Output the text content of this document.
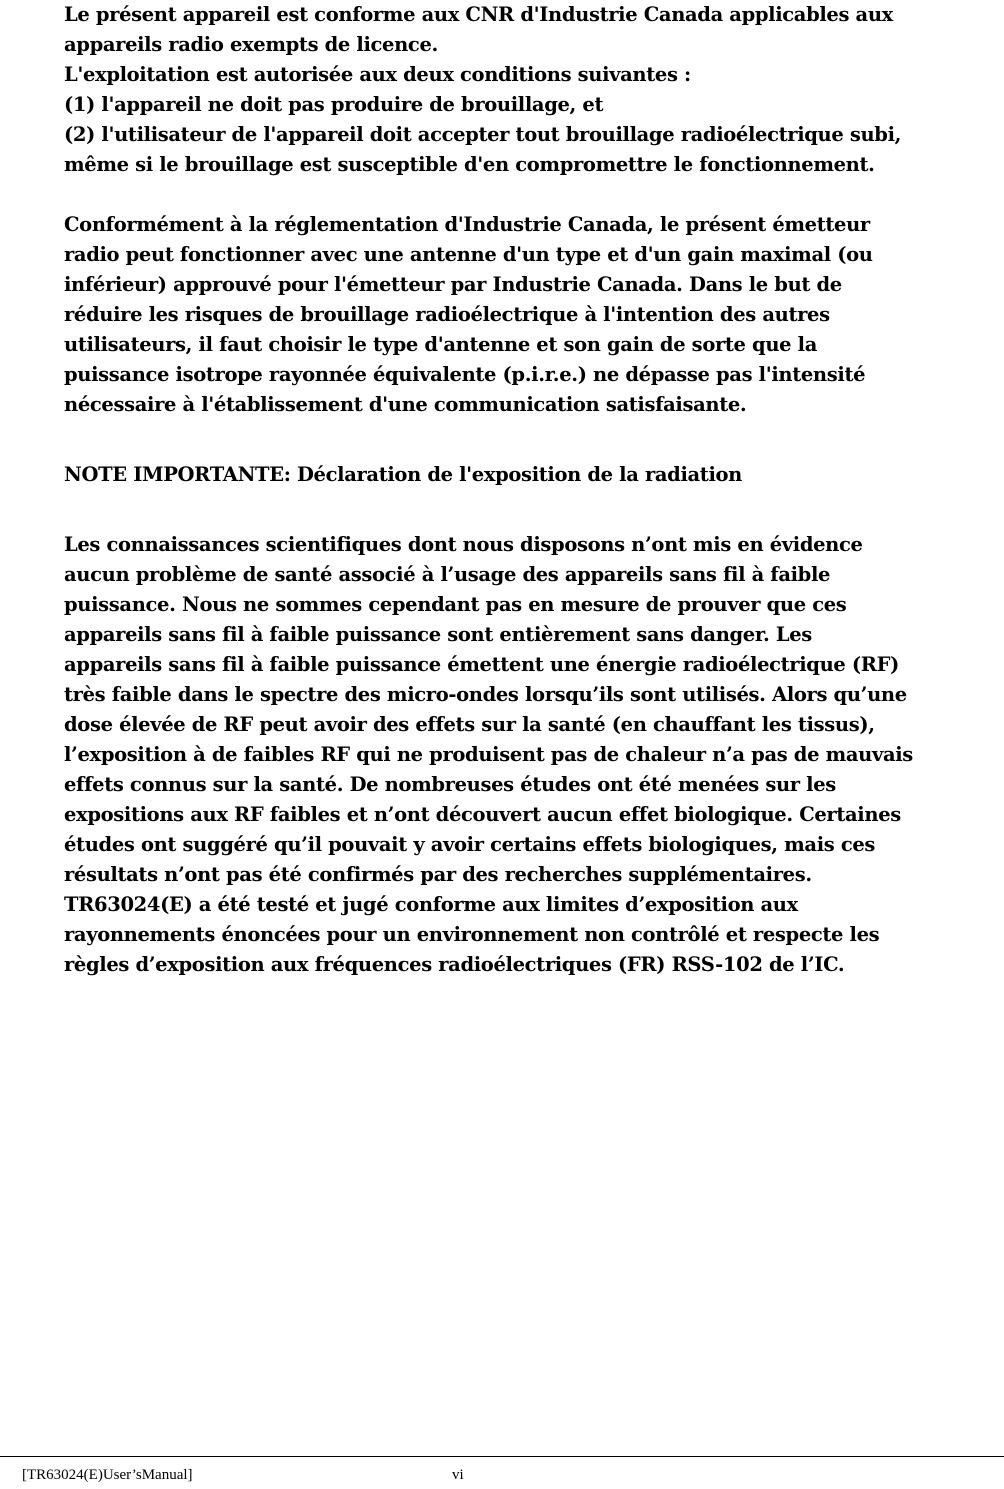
Le présent appareil est conforme aux CNR d'Industrie Canada applicables aux
appareils radio exempts de licence.
L'exploitation est autorisée aux deux conditions suivantes :
(1) l'appareil ne doit pas produire de brouillage, et
(2) l'utilisateur de l'appareil doit accepter tout brouillage radioélectrique subi,
même si le brouillage est susceptible d'en compromettre le fonctionnement.
Conformément à la réglementation d'Industrie Canada, le présent émetteur
radio peut fonctionner avec une antenne d'un type et d'un gain maximal (ou
inférieur) approuvé pour l'émetteur par Industrie Canada. Dans le but de
réduire les risques de brouillage radioélectrique à l'intention des autres
utilisateurs, il faut choisir le type d'antenne et son gain de sorte que la
puissance isotrope rayonnée équivalente (p.i.r.e.) ne dépasse pas l'intensité
nécessaire à l'établissement d'une communication satisfaisante.
NOTE IMPORTANTE: Déclaration de l'exposition de la radiation
Les connaissances scientifiques dont nous disposons n’ont mis en évidence
aucun problème de santé associé à l’usage des appareils sans fil à faible
puissance. Nous ne sommes cependant pas en mesure de prouver que ces
appareils sans fil à faible puissance sont entièrement sans danger. Les
appareils sans fil à faible puissance émettent une énergie radioélectrique (RF)
très faible dans le spectre des micro-ondes lorsqu’ils sont utilisés. Alors qu’une
dose élevée de RF peut avoir des effets sur la santé (en chauffant les tissus),
l’exposition à de faibles RF qui ne produisent pas de chaleur n’a pas de mauvais
effets connus sur la santé. De nombreuses études ont été menées sur les
expositions aux RF faibles et n’ont découvert aucun effet biologique. Certaines
études ont suggéré qu’il pouvait y avoir certains effets biologiques, mais ces
résultats n’ont pas été confirmés par des recherches supplémentaires.
TR63024(E) a été testé et jugé conforme aux limites d’exposition aux
rayonnements énoncées pour un environnement non contrôlé et respecte les
règles d’exposition aux fréquences radioélectriques (FR) RSS-102 de l’IC.
[TR63024(E)User’sManual]	vi
